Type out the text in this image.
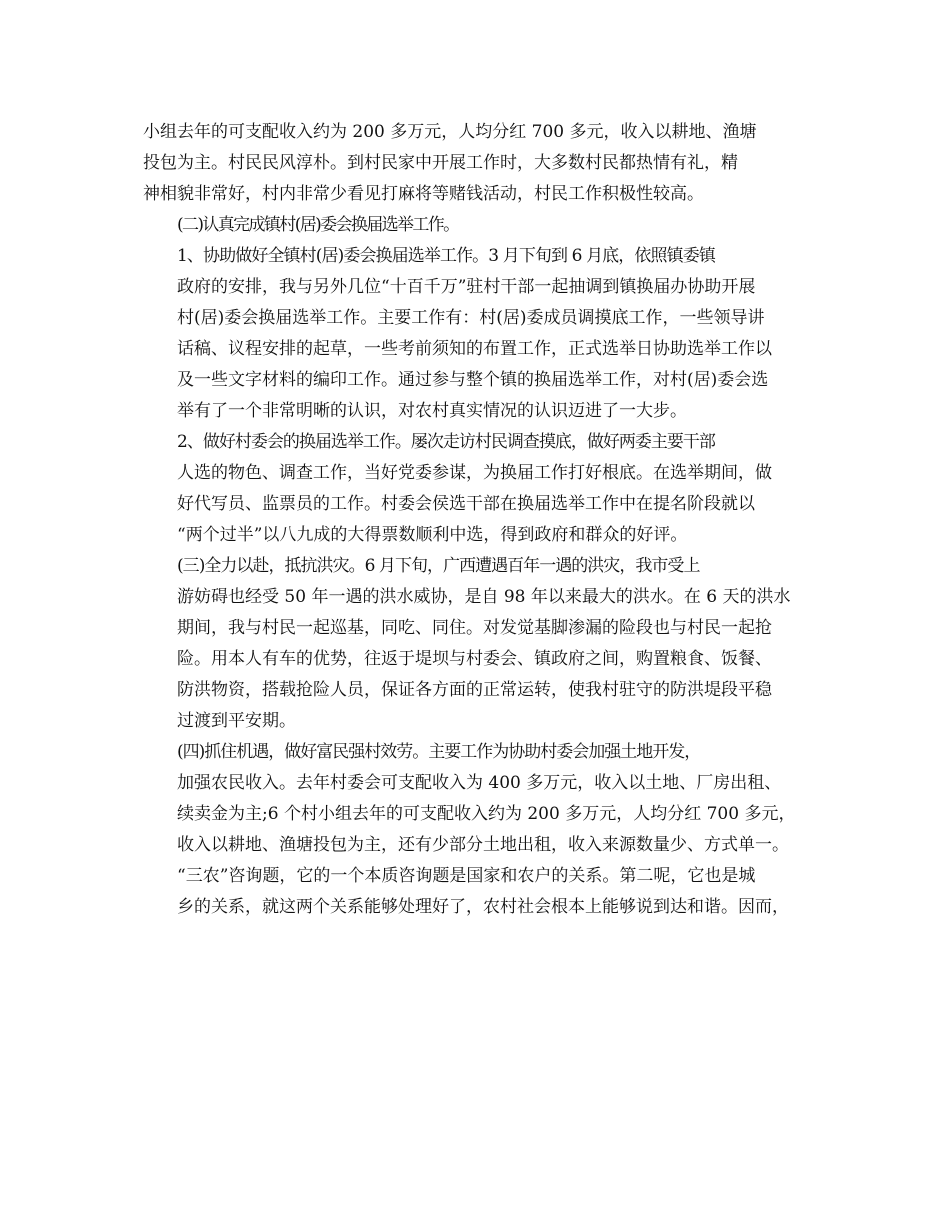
小组去年的可支配收入约为 200 多万元，人均分红 700 多元，收入以耕地、渔塘
投包为主。村民民风淳朴。到村民家中开展工作时，大多数村民都热情有礼，精
神相貌非常好，村内非常少看见打麻将等赌钱活动，村民工作积极性较高。

(二)认真完成镇村(居)委会换届选举工作。

1、协助做好全镇村(居)委会换届选举工作。3 月下旬到 6 月底，依照镇委镇
政府的安排，我与另外几位“十百千万”驻村干部一起抽调到镇换届办协助开展
村(居)委会换届选举工作。主要工作有：村(居)委成员调摸底工作，一些领导讲
话稿、议程安排的起草，一些考前须知的布置工作，正式选举日协助选举工作以
及一些文字材料的编印工作。通过参与整个镇的换届选举工作，对村(居)委会选
举有了一个非常明晰的认识，对农村真实情况的认识迈进了一大步。

2、做好村委会的换届选举工作。屡次走访村民调查摸底，做好两委主要干部
人选的物色、调查工作，当好党委参谋，为换届工作打好根底。在选举期间，做
好代写员、监票员的工作。村委会侯选干部在换届选举工作中在提名阶段就以
“两个过半”以八九成的大得票数顺利中选，得到政府和群众的好评。

(三)全力以赴，抵抗洪灾。6 月下旬，广西遭遇百年一遇的洪灾，我市受上
游妨碍也经受 50 年一遇的洪水威协，是自 98 年以来最大的洪水。在 6 天的洪水
期间，我与村民一起巡基，同吃、同住。对发觉基脚渗漏的险段也与村民一起抢
险。用本人有车的优势，往返于堤坝与村委会、镇政府之间，购置粮食、饭餐、
防洪物资，搭载抢险人员，保证各方面的正常运转，使我村驻守的防洪堤段平稳
过渡到平安期。

(四)抓住机遇，做好富民强村效劳。主要工作为协助村委会加强土地开发，
加强农民收入。去年村委会可支配收入为 400 多万元，收入以土地、厂房出租、
续卖金为主;6 个村小组去年的可支配收入约为 200 多万元，人均分红 700 多元，
收入以耕地、渔塘投包为主，还有少部分土地出租，收入来源数量少、方式单一。
“三农”咨询题，它的一个本质咨询题是国家和农户的关系。第二呢，它也是城
乡的关系，就这两个关系能够处理好了，农村社会根本上能够说到达和谐。因而，
